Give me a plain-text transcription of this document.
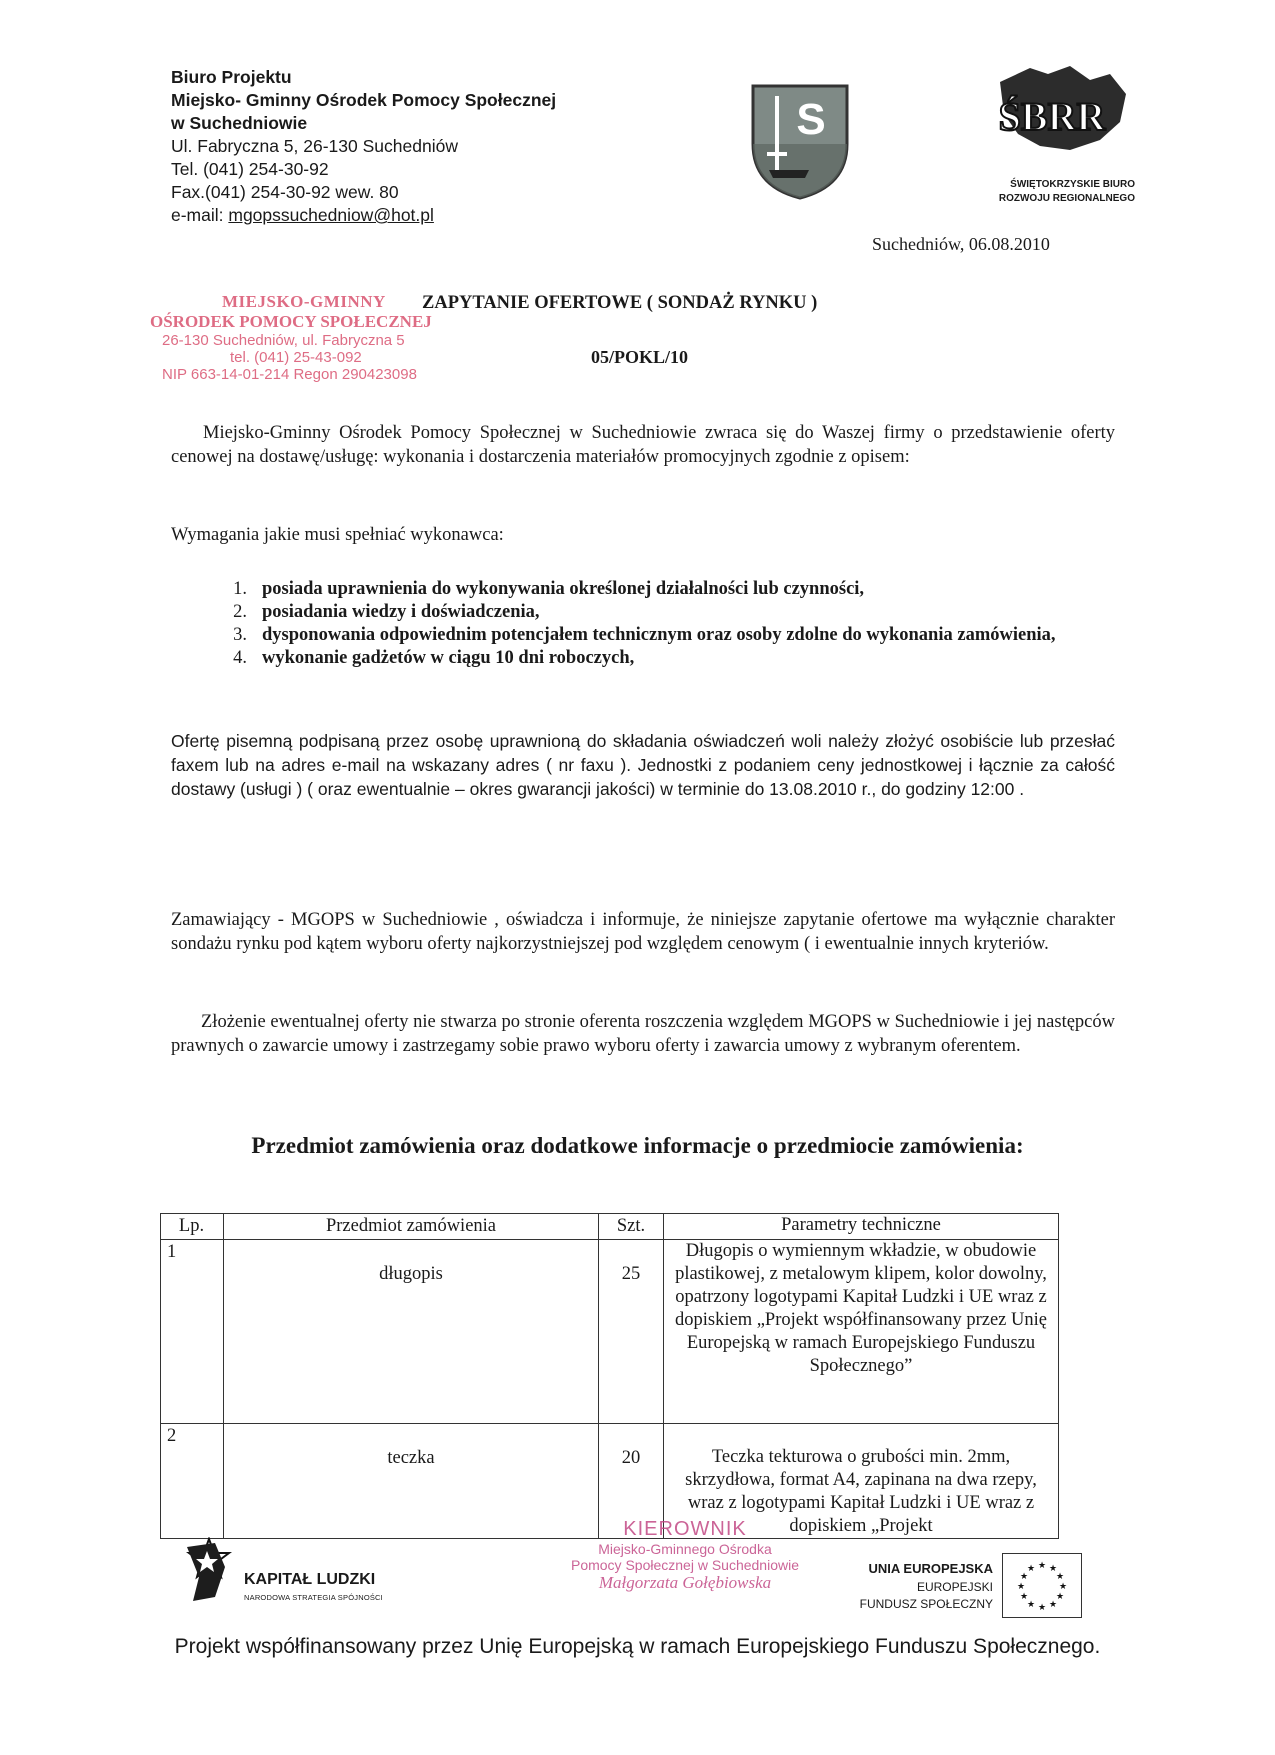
Biuro Projektu
Miejsko- Gminny Ośrodek Pomocy Społecznej
w Suchedniowie
Ul. Fabryczna 5, 26-130 Suchedniów
Tel. (041) 254-30-92
Fax.(041) 254-30-92 wew. 80
e-mail: mgopssuchedniow@hot.pl
S	ŚBRR
ŚWIĘTOKRZYSKIE BIURO
ROZWOJU REGIONALNEGO
Suchedniów, 06.08.2010
MIEJSKO-GMINNY
OŚRODEK POMOCY SPOŁECZNEJ
26-130 Suchedniów, ul. Fabryczna 5
tel. (041) 25-43-092
NIP 663-14-01-214 Regon 290423098
ZAPYTANIE OFERTOWE ( SONDAŻ RYNKU )
05/POKL/10
Miejsko-Gminny Ośrodek Pomocy Społecznej w Suchedniowie zwraca się do Waszej firmy o przedstawienie oferty cenowej na dostawę/usługę: wykonania i dostarczenia materiałów promocyjnych zgodnie z opisem:
Wymagania jakie musi spełniać wykonawca:
1. posiada uprawnienia do wykonywania określonej działalności lub czynności,
2. posiadania wiedzy i doświadczenia,
3. dysponowania odpowiednim potencjałem technicznym oraz osoby zdolne do wykonania zamówienia,
4. wykonanie gadżetów w ciągu 10 dni roboczych,
Ofertę pisemną podpisaną przez osobę uprawnioną do składania oświadczeń woli należy złożyć osobiście lub przesłać faxem lub na adres e-mail na wskazany adres ( nr faxu ). Jednostki z podaniem ceny jednostkowej i łącznie za całość dostawy (usługi ) ( oraz ewentualnie – okres gwarancji jakości) w terminie do 13.08.2010 r., do godziny 12:00 .
Zamawiający - MGOPS w Suchedniowie , oświadcza i informuje, że niniejsze zapytanie ofertowe ma wyłącznie charakter sondażu rynku pod kątem wyboru oferty najkorzystniejszej pod względem cenowym ( i ewentualnie innych kryteriów.
Złożenie ewentualnej oferty nie stwarza po stronie oferenta roszczenia względem MGOPS w Suchedniowie i jej następców prawnych o zawarcie umowy i zastrzegamy sobie prawo wyboru oferty i zawarcia umowy z wybranym oferentem.
Przedmiot zamówienia oraz dodatkowe informacje o przedmiocie zamówienia:
Lp.	Przedmiot zamówienia	Szt.	Parametry techniczne
1	długopis	25	Długopis o wymiennym wkładzie, w obudowie plastikowej, z metalowym klipem, kolor dowolny, opatrzony logotypami Kapitał Ludzki i UE wraz z dopiskiem „Projekt współfinansowany przez Unię Europejską w ramach Europejskiego Funduszu Społecznego”
2	teczka	20	Teczka tekturowa o grubości min. 2mm, skrzydłowa, format A4, zapinana na dwa rzepy, wraz z logotypami Kapitał Ludzki i UE wraz z dopiskiem „Projekt
KAPITAŁ LUDZKI
NARODOWA STRATEGIA SPÓJNOŚCI
KIEROWNIK
Miejsko-Gminnego Ośrodka
Pomocy Społecznej w Suchedniowie
Małgorzata Gołębiowska
UNIA EUROPEJSKA
EUROPEJSKI
FUNDUSZ SPOŁECZNY
★ ★
★
★
★
★
★
★
★
★
★
★
Projekt współfinansowany przez Unię Europejską w ramach Europejskiego Funduszu Społecznego.
